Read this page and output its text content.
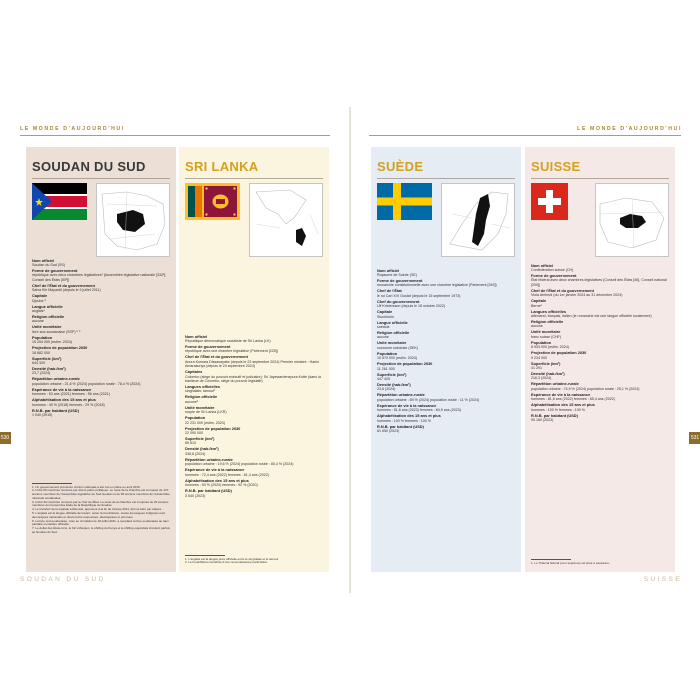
LE MONDE D'AUJOURD'HUI
530
SOUDAN DU SUD
Nom officiel
Soudan du Sud (SS)
Forme de gouvernement
république avec deux chambres législatives¹ (Assemblée législative nationale [332²]; Conseil des États [50²])
Chef de l'État et du gouvernement
Salva Kiir Mayardit (depuis le 9 juillet 2011)
Capitale
Djouba ³
Langue officielle
anglais⁴
Religion officielle
aucune
Unité monétaire
livre sud-soudanaise (SSP) ⁵ ⁶
Population
15 254 000 (estim. 2024)
Projection de population 2030
18 682 000
Superficie (km²)
644 329
Densité (hab./km²)
23,7 (2024)
Répartition urbaine-rurale
population urbaine : 21,6 % (2024) population rurale : 78,4 % (2024)
Espérance de vie à la naissance
hommes : 53 ans (2021) femmes : 56 ans (2021)
Alphabétisation des 15 ans et plus
hommes : 40 % (2018) femmes : 29 % (2018)
R.N.B. par habitant (USD)
1 040 (2015)
1. Un gouvernement provisoire d'union nationale a été mis en place en avril 2016.
2. Inclut 66 membres nommés par divers partis politiques. Le reste de la chambre est composé de 170 anciens membres de l'Assemblée législative du Sud-Soudan et de 96 anciens membres de l'Assemblée nationale soudanaise.
3. Inclut 30 membres nommés par le chef de l'État. Le reste de la chambre est composé de 20 anciens membres du Conseil des États de la République du Soudan.
4. Le transfert de la capitale à Ramciel, approuvé à la fin de l'année 2011, doit se faire par étapes.
5. L'anglais est la langue officielle de travail ; selon la Constitution, toutes les langues indigènes sont des langues nationales et doivent être respectées, développées et promues.
6. La livre sud-soudanaise, mise en circulation le 18 juillet 2011, a remplacé la livre soudanaise au taux paritaire monétaire officielle.
7. Le dollar des États-Unis, le birr éthiopien, le shilling du Kenya et le shilling ougandais circulent parfois au Soudan du Sud.
SRI LANKA
Nom officiel
République démocratique socialiste de Sri Lanka (LK)
Forme de gouvernement
république avec une chambre législative (Parlement [225])
Chef de l'État et du gouvernement
Anura Kumara Dissanayake (depuis le 23 septembre 2024) Premier ministre : Harini Amarasuriya (depuis le 24 septembre 2024)
Capitales
Colombo (siège du pouvoir exécutif et judiciaire); Sri Jayewardenepura Kotte (dans la banlieue de Colombo, siège du pouvoir législatif)
Langues officielles
singhalais; tamoul¹
Religion officielle
aucune²
Unité monétaire
roupie de Sri Lanka (LKR)
Population
22 231 000 (estim. 2024)
Projection de population 2030
22 090 000
Superficie (km²)
65 610
Densité (hab./km²)
338,8 (2024)
Répartition urbaine-rurale
population urbaine : 19,6 % (2024) population rurale : 80,4 % (2024)
Espérance de vie à la naissance
hommes : 72,4 ans (2022) femmes : 81,4 ans (2022)
Alphabétisation des 15 ans et plus
hommes : 93 % (2020) femmes : 92 % (2020)
R.N.B. par habitant (USD)
3 540 (2023)
1. L'anglais est la langue pivot officielle entre le singhalais et le tamoul.
2. Le bouddhisme bénéficie d'une reconnaissance particulière.
SOUDAN DU SUD
LE MONDE D'AUJOURD'HUI
531
SUÈDE
Nom officiel
Royaume de Suède (SE)
Forme de gouvernement
monarchie constitutionnelle avec une chambre législative (Parlement [349])
Chef de l'État
le roi Carl XVI Gustaf (depuis le 15 septembre 1973)
Chef du gouvernement
Ulf Kristersson (depuis le 18 octobre 2022)
Capitale
Stockholm
Langue officielle
suédois
Religion officielle
aucune
Unité monétaire
couronne suédoise (SEK)
Population
10 570 000 (estim. 2024)
Projection de population 2030
11 261 000
Superficie (km²)
447 425
Densité (hab./km²)
23,6 (2024)
Répartition urbaine-rurale
population urbaine : 89 % (2024) population rurale : 11 % (2024)
Espérance de vie à la naissance
hommes : 81,6 ans (2023) femmes : 84,9 ans (2023)
Alphabétisation des 15 ans et plus
hommes : 100 % femmes : 100 %
R.N.B. par habitant (USD)
61 650 (2023)
SUISSE
Nom officiel
Confédération suisse (CH)
Forme de gouvernement
État fédéral avec deux chambres législatives (Conseil des États [46], Conseil national [200])
Chef de l'État et du gouvernement
Viola Amherd (du 1er janvier 2024 au 31 décembre 2024)
Capitale
Berne¹
Langues officielles
allemand, français, italien (le romanche est une langue officielle localement)
Religion officielle
aucune
Unité monétaire
franc suisse (CHF)
Population
8 933 000 (estim. 2024)
Projection de population 2030
9 234 000
Superficie (km²)
41 291
Densité (hab./km²)
216,3 (2024)
Répartition urbaine-rurale
population urbaine : 74,9 % (2024) population rurale : 25,1 % (2024)
Espérance de vie à la naissance
hommes : 81,6 ans (2022) femmes : 85,4 ans (2022)
Alphabétisation des 15 ans et plus
hommes : 100 % femmes : 100 %
R.N.B. par habitant (USD)
95 160 (2023)
1. Le Tribunal fédéral (cour suprême) est situé à Lausanne.
SUISSE
